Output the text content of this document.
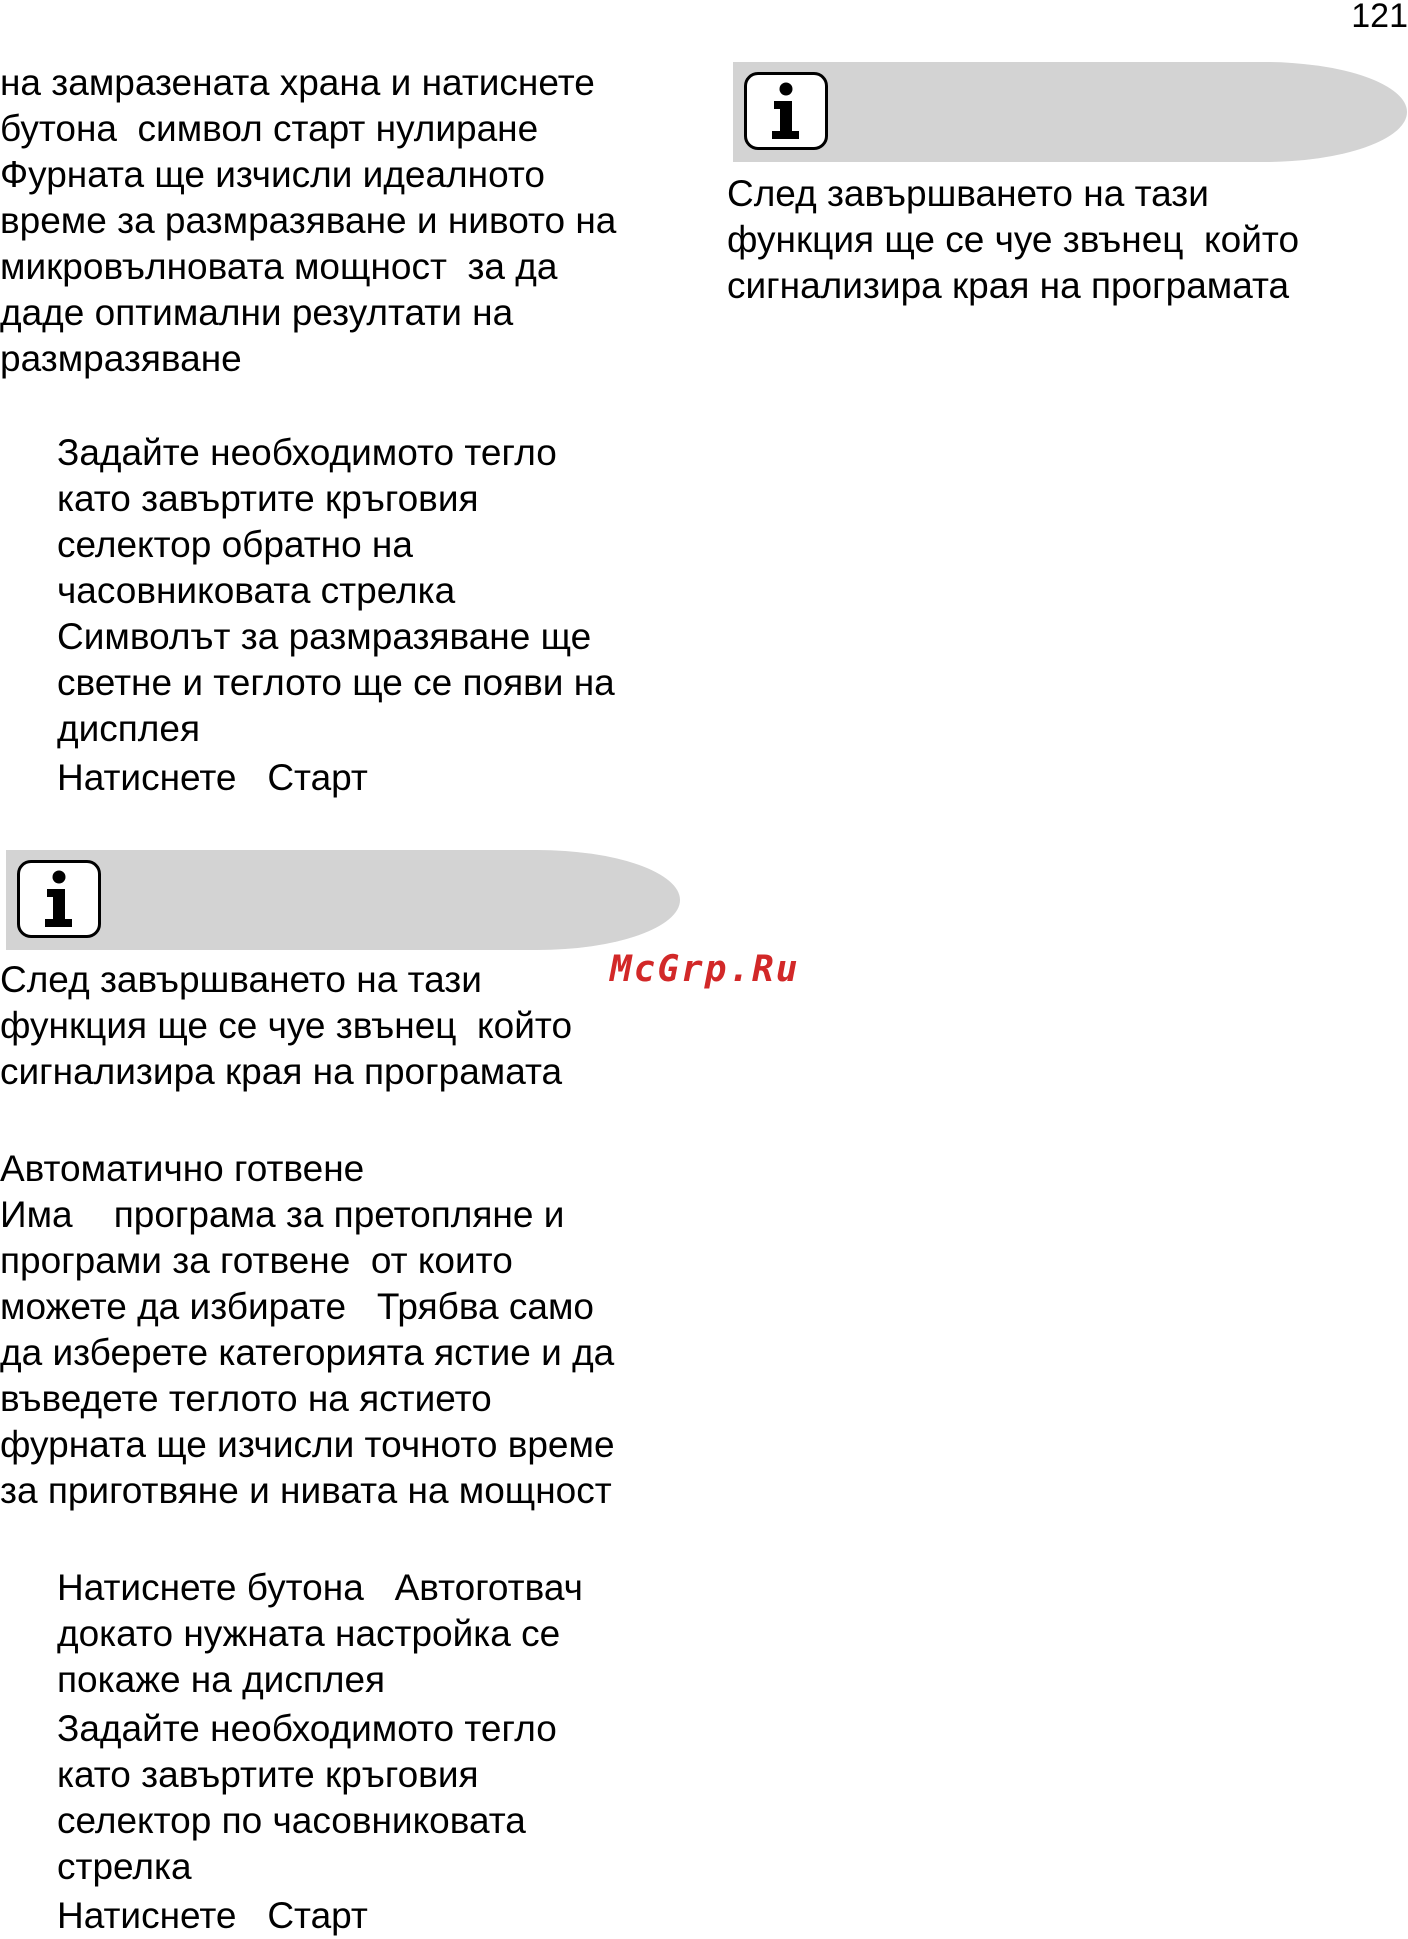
121
на замразената храна и натиснете
бутона  символ старт нулиране
Фурната ще изчисли идеалното
време за размразяване и нивото на
микровълновата мощност  за да
даде оптимални резултати на
размразяване
Задайте необходимото тегло
като завъртите кръговия
селектор обратно на
часовниковата стрелка
Символът за размразяване ще
светне и теглото ще се появи на
дисплея
Натиснете   Старт
След завършването на тази
функция ще се чуе звънец  който
сигнализира края на програмата
McGrp.Ru
Автоматично готвене
Има    програма за претопляне и
програми за готвене  от които
можете да избирате   Трябва само
да изберете категорията ястие и да
въведете теглото на ястието
фурната ще изчисли точното време
за приготвяне и нивата на мощност
Натиснете бутона   Автоготвач
докато нужната настройка се
покаже на дисплея
Задайте необходимото тегло
като завъртите кръговия
селектор по часовниковата
стрелка
Натиснете   Старт
След завършването на тази
функция ще се чуе звънец  който
сигнализира края на програмата
